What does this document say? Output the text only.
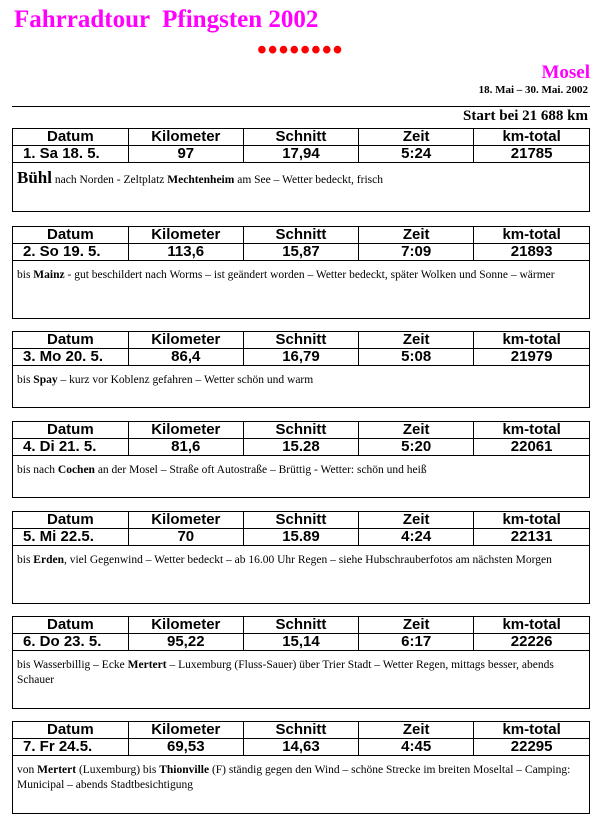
Fahrradtour  Pfingsten 2002
••••••••
Mosel
18. Mai – 30. Mai. 2002
Start bei 21 688 km
Datum	Kilometer	Schnitt	Zeit	km-total
1. Sa 18. 5.	97	17,94	5:24	21785
Bühl nach Norden - Zeltplatz Mechtenheim am See – Wetter bedeckt, frisch
Datum	Kilometer	Schnitt	Zeit	km-total
2. So 19. 5.	113,6	15,87	7:09	21893
bis Mainz - gut beschildert nach Worms – ist geändert worden – Wetter bedeckt, später Wolken und Sonne – wärmer
Datum	Kilometer	Schnitt	Zeit	km-total
3. Mo 20. 5.	86,4	16,79	5:08	21979
bis Spay – kurz vor Koblenz gefahren – Wetter schön und warm
Datum	Kilometer	Schnitt	Zeit	km-total
4. Di 21. 5.	81,6	15.28	5:20	22061
bis nach Cochen an der Mosel – Straße oft Autostraße – Brüttig - Wetter: schön und heiß
Datum	Kilometer	Schnitt	Zeit	km-total
5. Mi 22.5.	70	15.89	4:24	22131
bis Erden, viel Gegenwind – Wetter bedeckt – ab 16.00 Uhr Regen – siehe Hubschrauberfotos am nächsten Morgen
Datum	Kilometer	Schnitt	Zeit	km-total
6. Do 23. 5.	95,22	15,14	6:17	22226
bis Wasserbillig – Ecke Mertert – Luxemburg (Fluss-Sauer) über Trier Stadt – Wetter Regen, mittags besser, abends Schauer
Datum	Kilometer	Schnitt	Zeit	km-total
7. Fr 24.5.	69,53	14,63	4:45	22295
von Mertert (Luxemburg) bis Thionville (F) ständig gegen den Wind – schöne Strecke im breiten Moseltal – Camping: Municipal – abends Stadtbesichtigung
